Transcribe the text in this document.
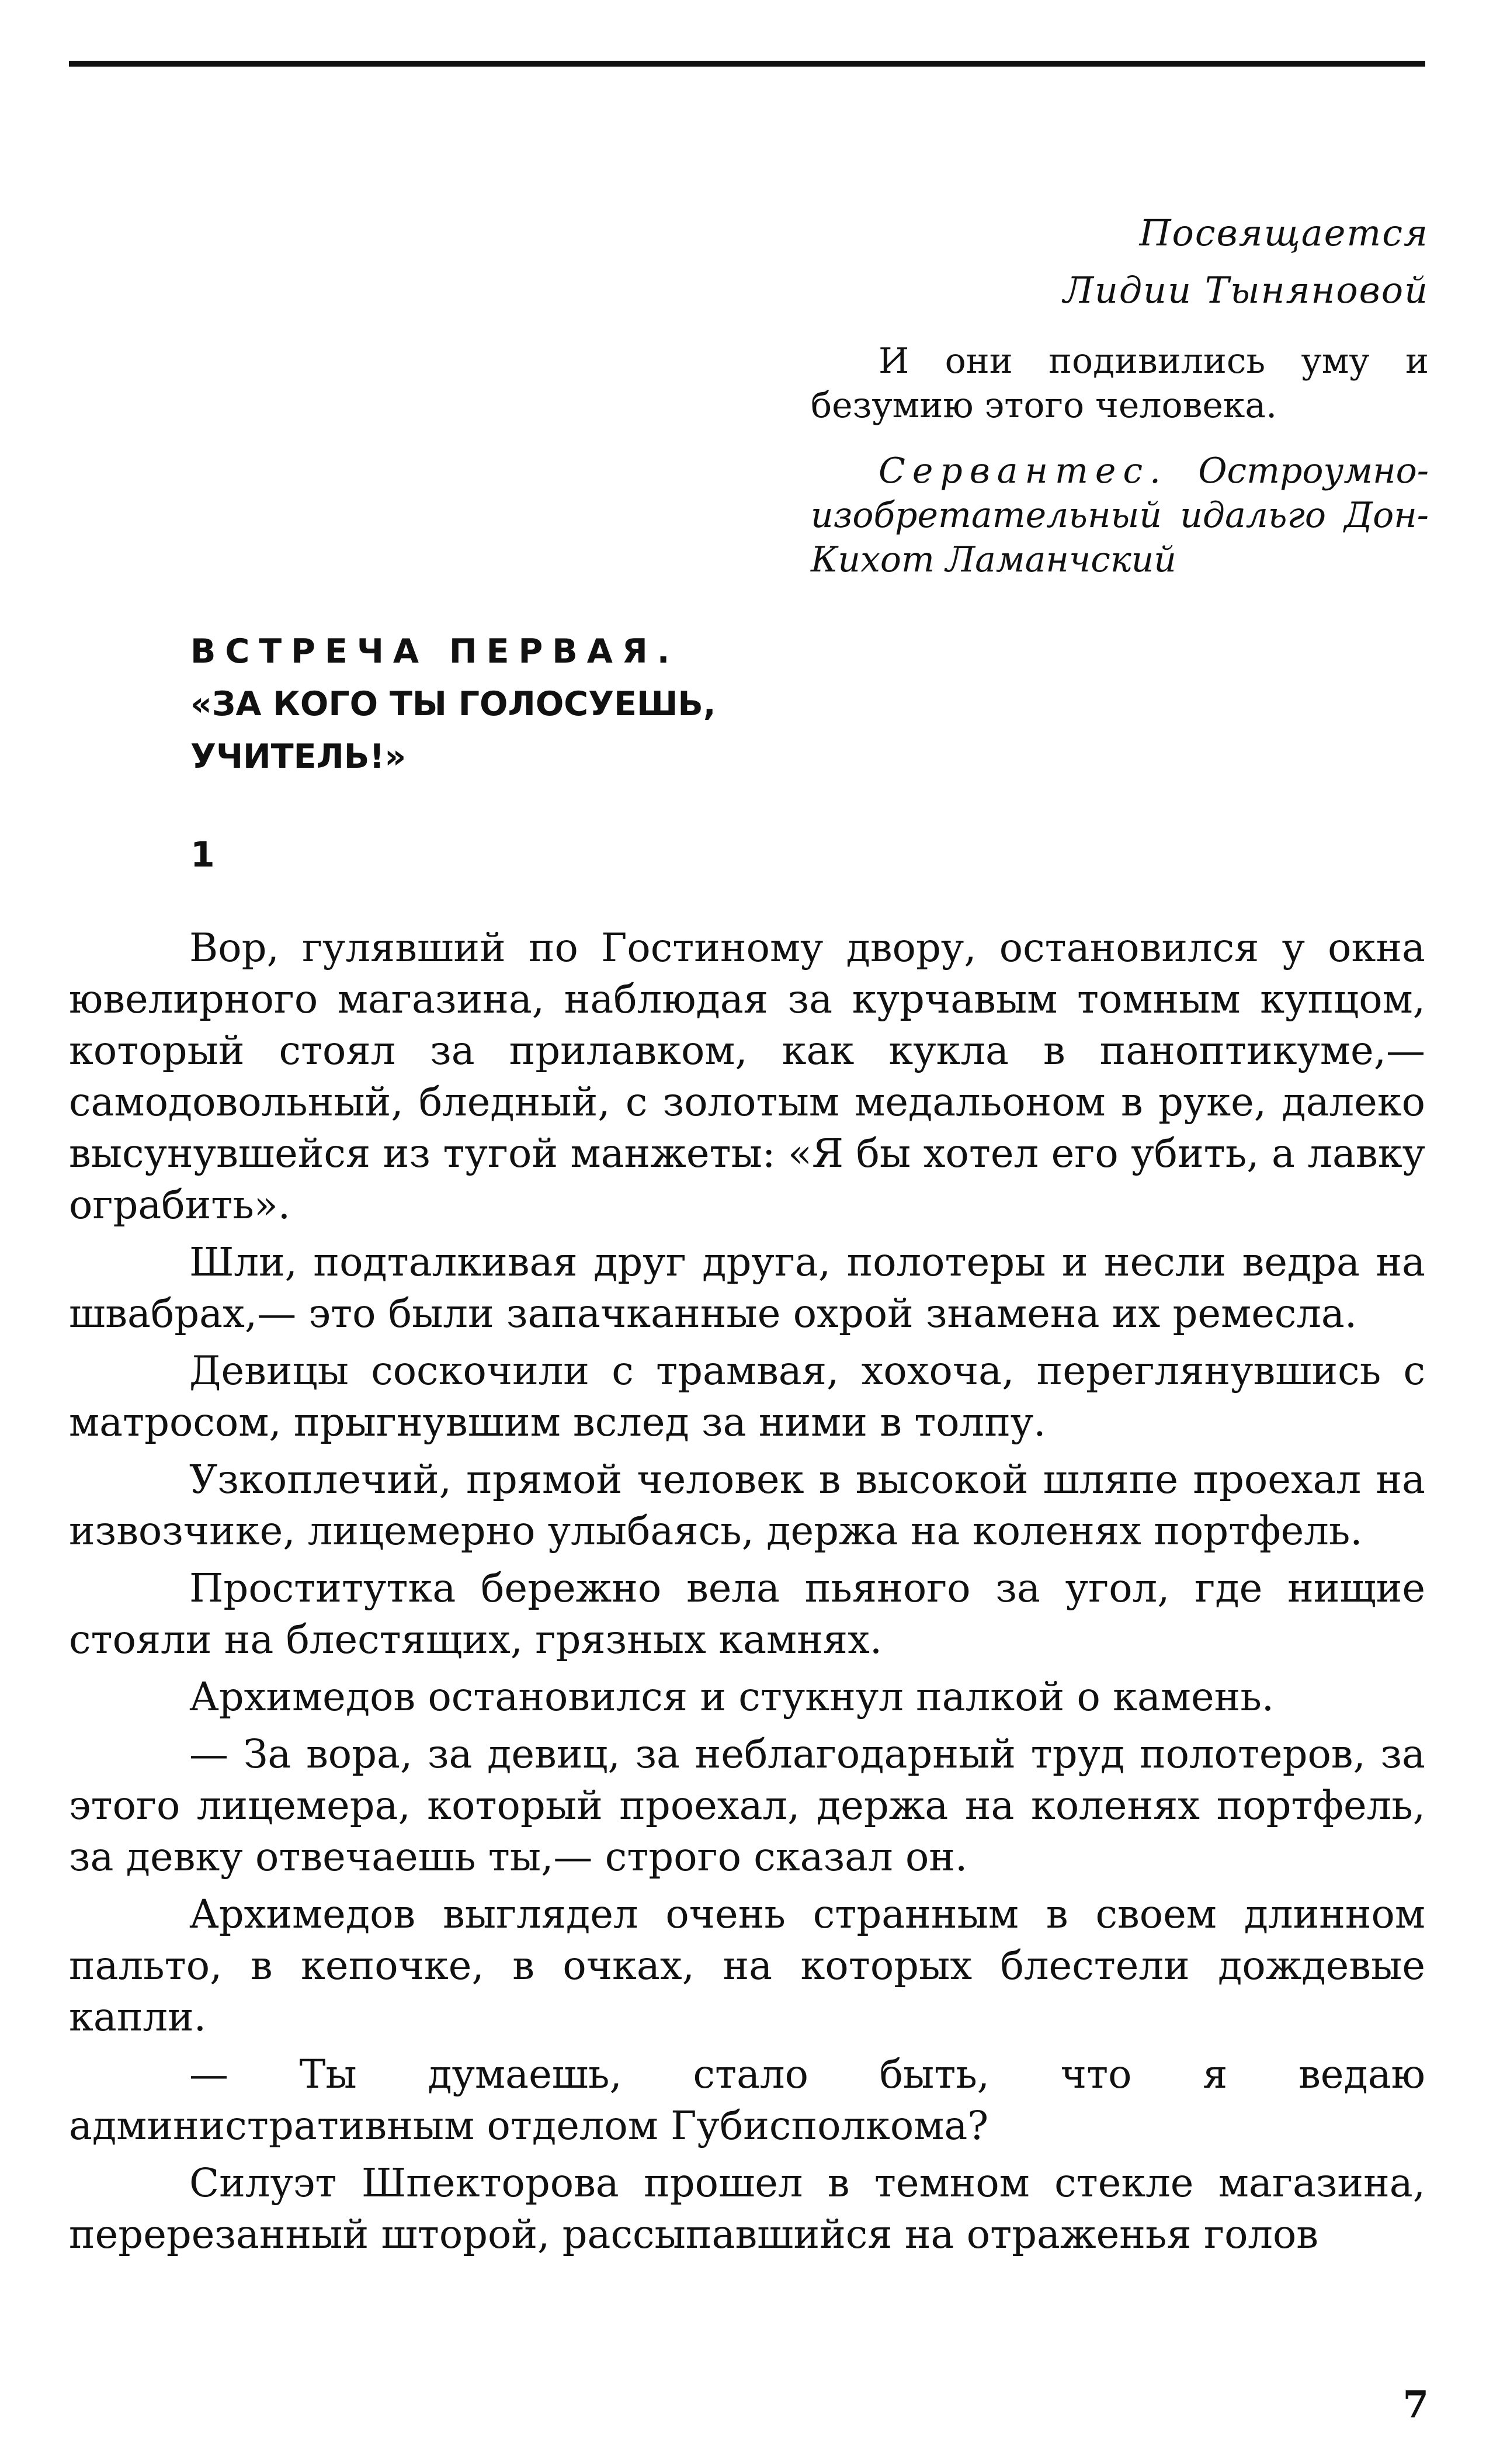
Посвящается
Лидии Тыняновой

И они подивились уму и безумию этого человека.

Сервантес. Остроумно-изобретательный идальго Дон-Кихот Ламанчский

ВСТРЕЧА ПЕРВАЯ.
«ЗА КОГО ТЫ ГОЛОСУЕШЬ,
УЧИТЕЛЬ!»
1

Вор, гулявший по Гостиному двору, остановился у окна ювелирного магазина, наблюдая за курчавым томным купцом, который стоял за прилавком, как кукла в паноптикуме,— самодовольный, бледный, с золотым медальоном в руке, далеко высунувшейся из тугой манжеты: «Я бы хотел его убить, а лавку ограбить».

Шли, подталкивая друг друга, полотеры и несли ведра на швабрах,— это были запачканные охрой знамена их ремесла.

Девицы соскочили с трамвая, хохоча, переглянувшись с матросом, прыгнувшим вслед за ними в толпу.

Узкоплечий, прямой человек в высокой шляпе проехал на извозчике, лицемерно улыбаясь, держа на коленях портфель.

Проститутка бережно вела пьяного за угол, где нищие стояли на блестящих, грязных камнях.

Архимедов остановился и стукнул палкой о камень.

— За вора, за девиц, за неблагодарный труд полотеров, за этого лицемера, который проехал, держа на коленях портфель, за девку отвечаешь ты,— строго сказал он.

Архимедов выглядел очень странным в своем длинном пальто, в кепочке, в очках, на которых блестели дождевые капли.

— Ты думаешь, стало быть, что я ведаю административным отделом Губисполкома?

Силуэт Шпекторова прошел в темном стекле магазина, перерезанный шторой, рассыпавшийся на отраженья голов

7
